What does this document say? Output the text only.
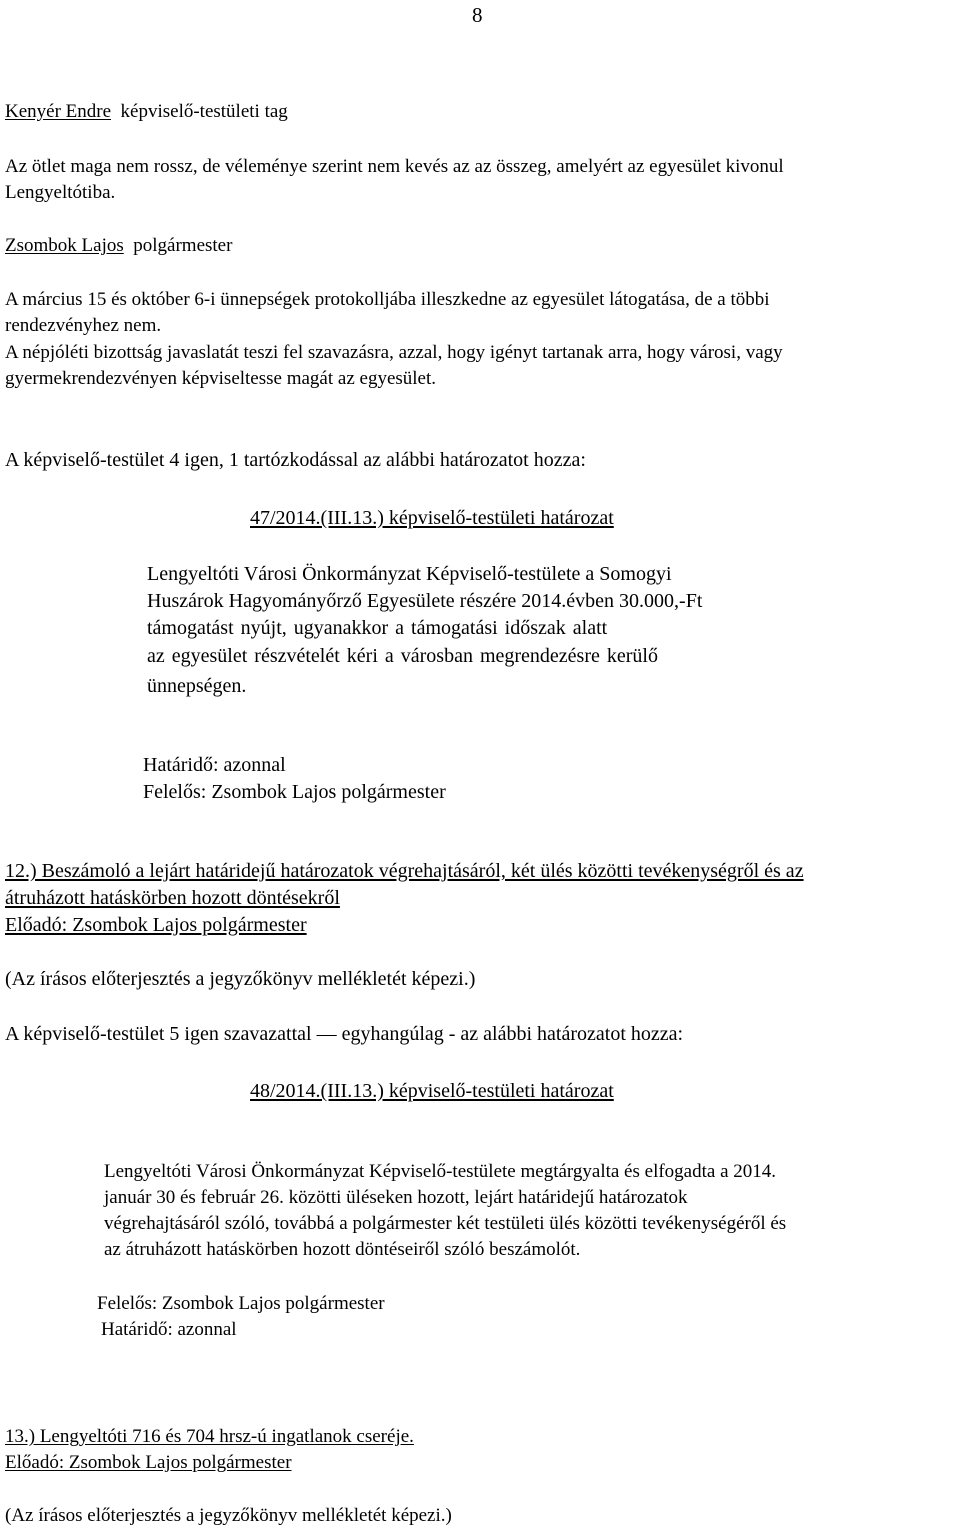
8
Kenyér Endre képviselő-testületi tag
Az ötlet maga nem rossz, de véleménye szerint nem kevés az az összeg, amelyért az egyesület kivonul
Lengyeltótiba.
Zsombok Lajos polgármester
A március 15 és október 6-i ünnepségek protokolljába illeszkedne az egyesület látogatása, de a többi
rendezvényhez nem.
A népjóléti bizottság javaslatát teszi fel szavazásra, azzal, hogy igényt tartanak arra, hogy városi, vagy
gyermekrendezvényen képviseltesse magát az egyesület.
A képviselő-testület 4 igen, 1 tartózkodással az alábbi határozatot hozza:
47/2014.(III.13.) képviselő-testületi határozat
Lengyeltóti Városi Önkormányzat Képviselő-testülete a Somogyi
Huszárok Hagyományőrző Egyesülete részére 2014.évben 30.000,-Ft
támogatást nyújt, ugyanakkor a támogatási időszak alatt
az egyesület részvételét kéri a városban megrendezésre kerülő
ünnepségen.
Határidő: azonnal
Felelős: Zsombok Lajos polgármester
12.) Beszámoló a lejárt határidejű határozatok végrehajtásáról, két ülés közötti tevékenységről és az
átruházott hatáskörben hozott döntésekről
Előadó: Zsombok Lajos polgármester
(Az írásos előterjesztés a jegyzőkönyv mellékletét képezi.)
A képviselő-testület 5 igen szavazattal — egyhangúlag - az alábbi határozatot hozza:
48/2014.(III.13.) képviselő-testületi határozat
Lengyeltóti Városi Önkormányzat Képviselő-testülete megtárgyalta és elfogadta a 2014.
január 30 és február 26. közötti üléseken hozott, lejárt határidejű határozatok
végrehajtásáról szóló, továbbá a polgármester két testületi ülés közötti tevékenységéről és
az átruházott hatáskörben hozott döntéseiről szóló beszámolót.
Felelős: Zsombok Lajos polgármester
Határidő: azonnal
13.) Lengyeltóti 716 és 704 hrsz-ú ingatlanok cseréje.
Előadó: Zsombok Lajos polgármester
(Az írásos előterjesztés a jegyzőkönyv mellékletét képezi.)
